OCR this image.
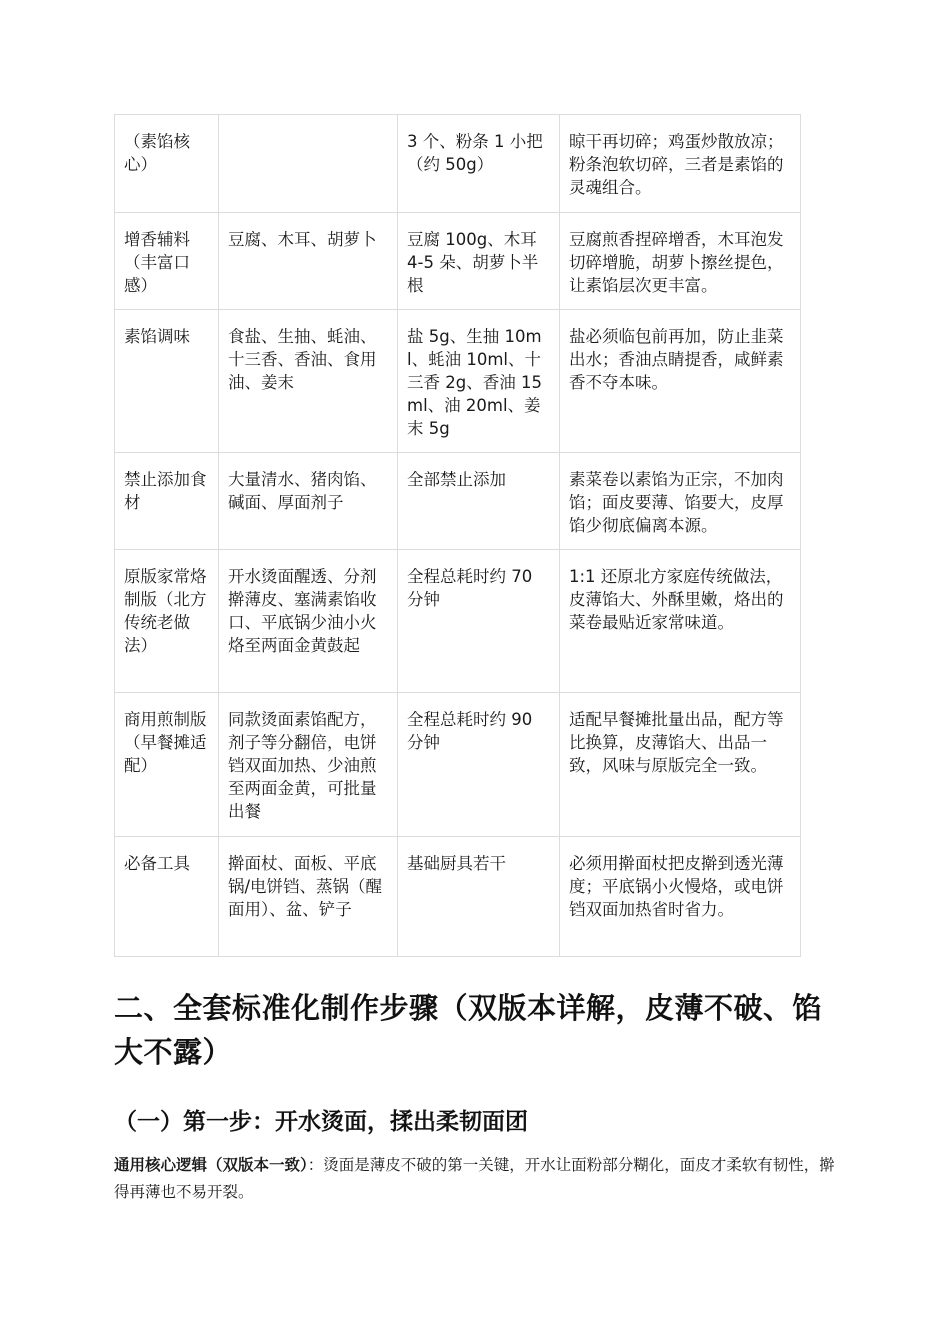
（素馅核心）		3 个、粉条 1 小把（约 50g）	晾干再切碎；鸡蛋炒散放凉；粉条泡软切碎，三者是素馅的灵魂组合。
增香辅料（丰富口感）	豆腐、木耳、胡萝卜	豆腐 100g、木耳 4-5 朵、胡萝卜半根	豆腐煎香捏碎增香，木耳泡发切碎增脆，胡萝卜擦丝提色，让素馅层次更丰富。
素馅调味	食盐、生抽、蚝油、十三香、香油、食用油、姜末	盐 5g、生抽 10ml、蚝油 10ml、十三香 2g、香油 15ml、油 20ml、姜末 5g	盐必须临包前再加，防止韭菜出水；香油点睛提香，咸鲜素香不夺本味。
禁止添加食材	大量清水、猪肉馅、碱面、厚面剂子	全部禁止添加	素菜卷以素馅为正宗，不加肉馅；面皮要薄、馅要大，皮厚馅少彻底偏离本源。
原版家常烙制版（北方传统老做法）	开水烫面醒透、分剂擀薄皮、塞满素馅收口、平底锅少油小火烙至两面金黄鼓起	全程总耗时约 70 分钟	1:1 还原北方家庭传统做法，皮薄馅大、外酥里嫩，烙出的菜卷最贴近家常味道。
商用煎制版（早餐摊适配）	同款烫面素馅配方，剂子等分翻倍，电饼铛双面加热、少油煎至两面金黄，可批量出餐	全程总耗时约 90 分钟	适配早餐摊批量出品，配方等比换算，皮薄馅大、出品一致，风味与原版完全一致。
必备工具	擀面杖、面板、平底锅/电饼铛、蒸锅（醒面用）、盆、铲子	基础厨具若干	必须用擀面杖把皮擀到透光薄度；平底锅小火慢烙，或电饼铛双面加热省时省力。
二、全套标准化制作步骤（双版本详解，皮薄不破、馅大不露）
（一）第一步：开水烫面，揉出柔韧面团

通用核心逻辑（双版本一致）：烫面是薄皮不破的第一关键，开水让面粉部分糊化，面皮才柔软有韧性，擀得再薄也不易开裂。
